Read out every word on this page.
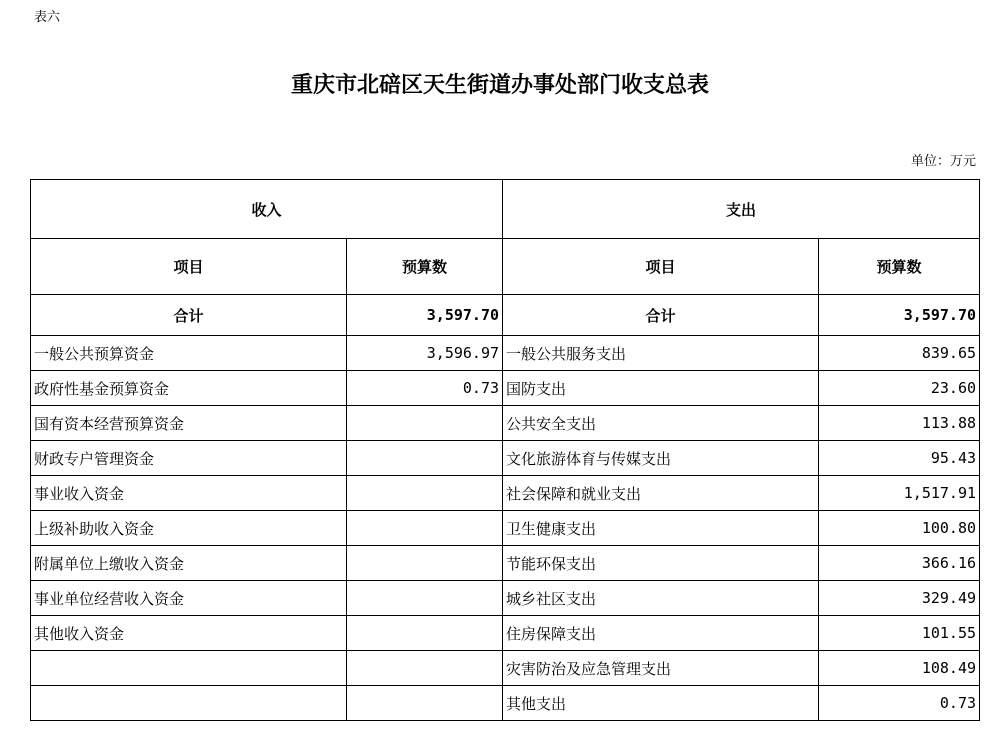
表六
重庆市北碚区天生街道办事处部门收支总表
单位：万元
收入		支出	
项目	预算数	项目	预算数
合计	3,597.70	合计	3,597.70
一般公共预算资金	3,596.97	一般公共服务支出	839.65
政府性基金预算资金	0.73	国防支出	23.60
国有资本经营预算资金		公共安全支出	113.88
财政专户管理资金		文化旅游体育与传媒支出	95.43
事业收入资金		社会保障和就业支出	1,517.91
上级补助收入资金		卫生健康支出	100.80
附属单位上缴收入资金		节能环保支出	366.16
事业单位经营收入资金		城乡社区支出	329.49
其他收入资金		住房保障支出	101.55
		灾害防治及应急管理支出	108.49
		其他支出	0.73
